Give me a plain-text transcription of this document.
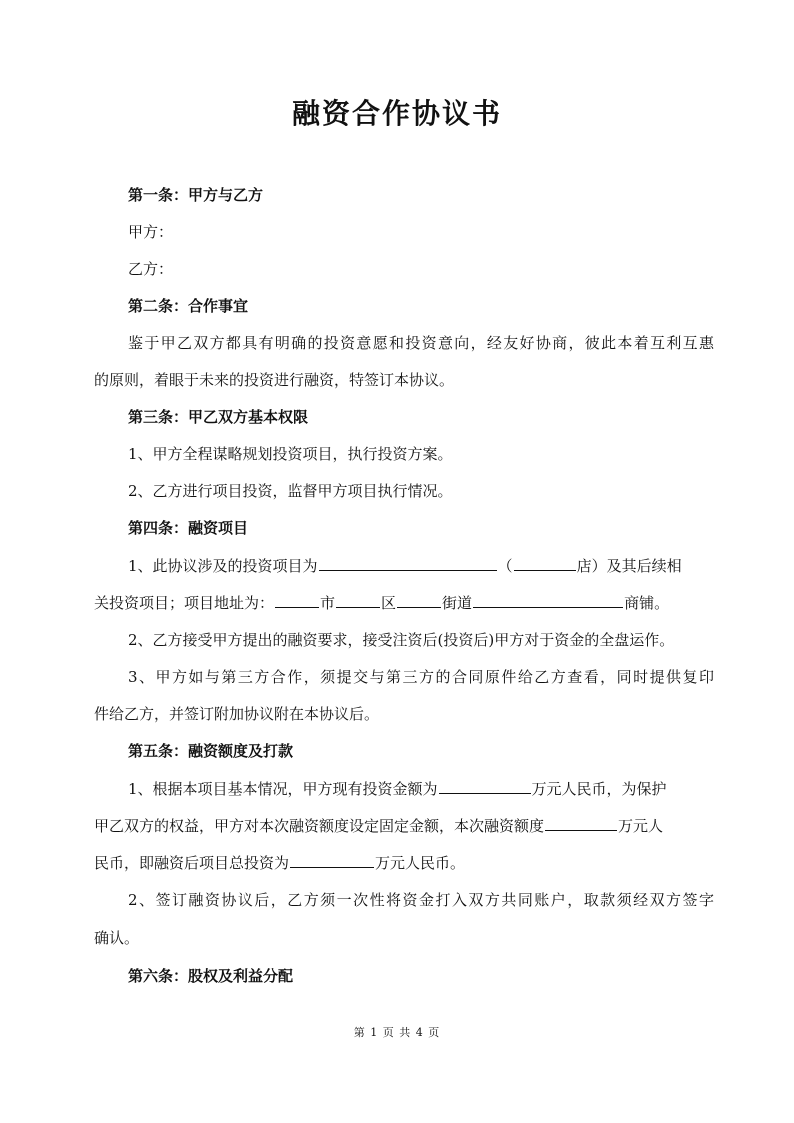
融资合作协议书
第一条：甲方与乙方
甲方：
乙方：
第二条：合作事宜
鉴于甲乙双方都具有明确的投资意愿和投资意向，经友好协商，彼此本着互利互惠
的原则，着眼于未来的投资进行融资，特签订本协议。
第三条：甲乙双方基本权限
1、甲方全程谋略规划投资项目，执行投资方案。
2、乙方进行项目投资，监督甲方项目执行情况。
第四条：融资项目
1、此协议涉及的投资项目为	（	店）及其后续相
关投资项目；项目地址为：	市	区	街道	商铺。
2、乙方接受甲方提出的融资要求，接受注资后(投资后)甲方对于资金的全盘运作。
3、甲方如与第三方合作，须提交与第三方的合同原件给乙方查看，同时提供复印
件给乙方，并签订附加协议附在本协议后。
第五条：融资额度及打款
1、根据本项目基本情况，甲方现有投资金额为	万元人民币，为保护
甲乙双方的权益，甲方对本次融资额度设定固定金额，本次融资额度	万元人
民币，即融资后项目总投资为	万元人民币。
2、签订融资协议后，乙方须一次性将资金打入双方共同账户，取款须经双方签字
确认。
第六条：股权及利益分配
第 1 页 共 4 页
